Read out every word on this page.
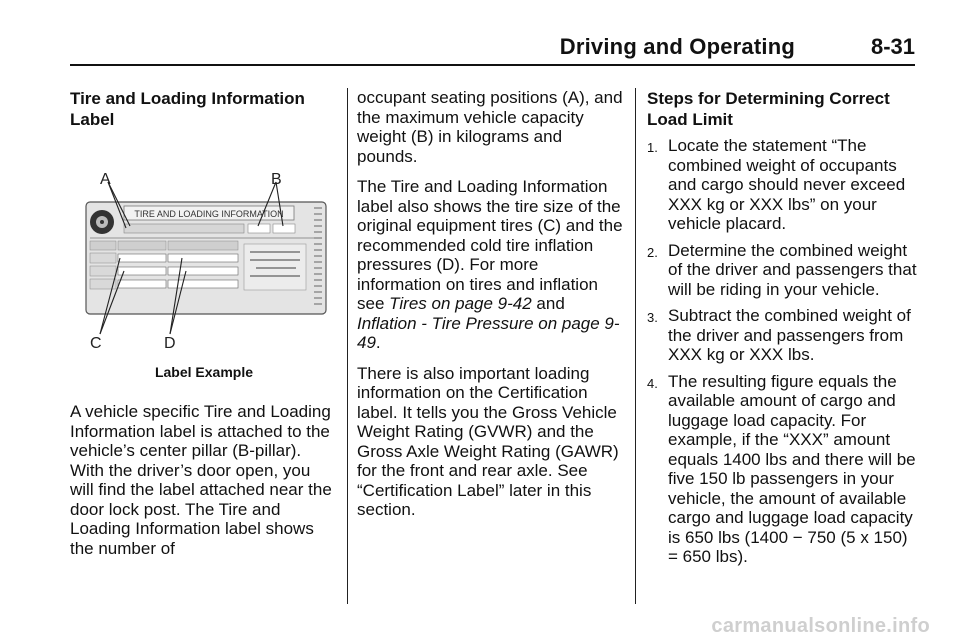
Driving and Operating	8-31
Tire and Loading Information Label
TIRE AND LOADING INFORMATION
A	B
C	D
Label Example

A vehicle specific Tire and Loading Information label is attached to the vehicle’s center pillar (B-pillar). With the driver’s door open, you will find the label attached near the door lock post. The Tire and Loading Information label shows the number of

occupant seating positions (A), and the maximum vehicle capacity weight (B) in kilograms and pounds.

The Tire and Loading Information label also shows the tire size of the original equipment tires (C) and the recommended cold tire inflation pressures (D). For more information on tires and inflation see Tires on page 9-42 and Inflation - Tire Pressure on page 9-49.

There is also important loading information on the Certification label. It tells you the Gross Vehicle Weight Rating (GVWR) and the Gross Axle Weight Rating (GAWR) for the front and rear axle. See “Certification Label” later in this section.

Steps for Determining Correct Load Limit
1. Locate the statement “The combined weight of occupants and cargo should never exceed XXX kg or XXX lbs” on your vehicle placard.
2. Determine the combined weight of the driver and passengers that will be riding in your vehicle.
3. Subtract the combined weight of the driver and passengers from XXX kg or XXX lbs.
4. The resulting figure equals the available amount of cargo and luggage load capacity. For example, if the “XXX” amount equals 1400 lbs and there will be five 150 lb passengers in your vehicle, the amount of available cargo and luggage load capacity is 650 lbs (1400 − 750 (5 x 150) = 650 lbs).
carmanualsonline.info
